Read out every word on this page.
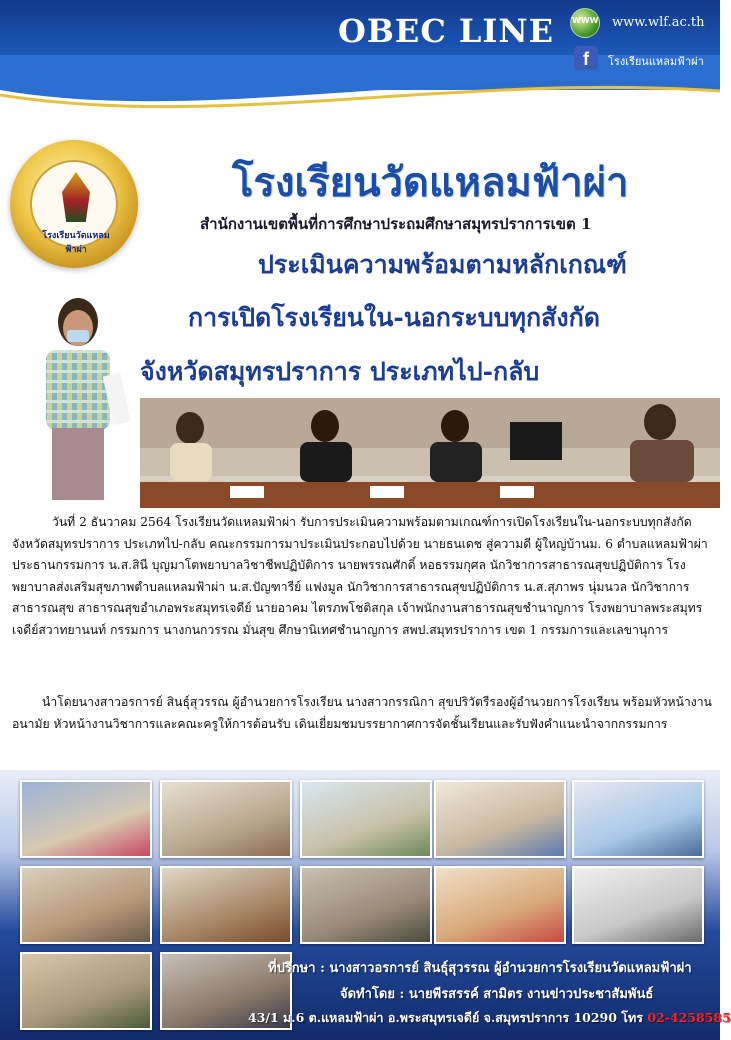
OBEC LINE WWW www.wlf.ac.th
f	โรงเรียนแหลมฟ้าผ่า
โรงเรียนวัดแหลมฟ้าผ่า
โรงเรียนวัดแหลมฟ้าผ่า
สำนักงานเขตพื้นที่การศึกษาประถมศึกษาสมุทรปราการเขต 1
ประเมินความพร้อมตามหลักเกณฑ์
การเปิดโรงเรียนใน-นอกระบบทุกสังกัด
จังหวัดสมุทรปราการ ประเภทไป-กลับ

วันที่ 2 ธันวาคม 2564 โรงเรียนวัดแหลมฟ้าผ่า รับการประเมินความพร้อมตามเกณฑ์การเปิดโรงเรียนใน-นอกระบบทุกสังกัดจังหวัดสมุทรปราการ ประเภทไป-กลับ คณะกรรมการมาประเมินประกอบไปด้วย นายธนเดช สู่ความดี ผู้ใหญ่บ้านม. 6 ตำบลแหลมฟ้าผ่า ประธานกรรมการ น.ส.สินี บุญมาโตพยาบาลวิชาชีพปฏิบัติการ นายพรรณศักดิ์ หอธรรมกุศล นักวิชาการสาธารณสุขปฏิบัติการ โรงพยาบาลส่งเสริมสุขภาพตำบลแหลมฟ้าผ่า น.ส.ปัญฑารีย์ แฟงมูล นักวิชาการสาธารณสุขปฏิบัติการ น.ส.สุภาพร นุ่มนวล นักวิชาการสาธารณสุข สาธารณสุขอำเภอพระสมุทรเจดีย์ นายอาคม ไตรภพโชติสกุล เจ้าพนักงานสาธารณสุขชำนาญการ โรงพยาบาลพระสมุทรเจดีย์สวาทยานนท์ กรรมการ นางกนกวรรณ มั่นสุข ศึกษานิเทศชำนาญการ สพป.สมุทรปราการ เขต 1 กรรมการและเลขานุการ

นำโดยนางสาวอรการย์ สินธุ์สุวรรณ ผู้อำนวยการโรงเรียน นางสาวกรรณิกา สุขปริวัตรีรองผู้อำนวยการโรงเรียน พร้อมหัวหน้างานอนามัย หัวหน้างานวิชาการและคณะครูให้การต้อนรับ เดินเยี่ยมชมบรรยากาศการจัดชั้นเรียนและรับฟังคำแนะนำจากกรรมการ

ที่ปรึกษา : นางสาวอรการย์ สินธุ์สุวรรณ ผู้อำนวยการโรงเรียนวัดแหลมฟ้าผ่า
จัดทำโดย : นายพีรสรรค์ สามิตร งานข่าวประชาสัมพันธ์
43/1 ม.6 ต.แหลมฟ้าผ่า อ.พระสมุทรเจดีย์ จ.สมุทรปราการ 10290 โทร 02-4258585
